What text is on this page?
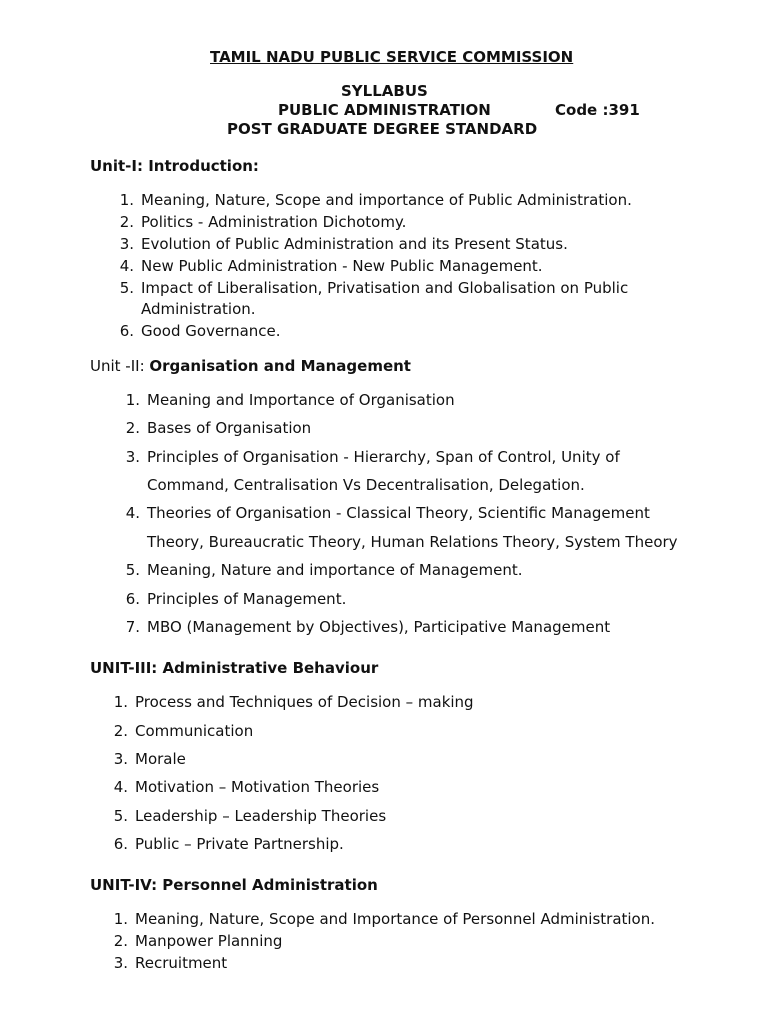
TAMIL NADU PUBLIC SERVICE COMMISSION
SYLLABUS
PUBLIC ADMINISTRATION	Code :391
POST GRADUATE DEGREE STANDARD
Unit-I: Introduction:
1. Meaning, Nature, Scope and importance of Public Administration.
2. Politics - Administration Dichotomy.
3. Evolution of Public Administration and its Present Status.
4. New Public Administration - New Public Management.
5. Impact of Liberalisation, Privatisation and Globalisation on Public
Administration.
6. Good Governance.
Unit -II: Organisation and Management
1. Meaning and Importance of Organisation
2. Bases of Organisation
3. Principles of Organisation - Hierarchy, Span of Control, Unity of
Command, Centralisation Vs Decentralisation, Delegation.
4. Theories of Organisation - Classical Theory, Scientific Management
Theory, Bureaucratic Theory, Human Relations Theory, System Theory
5. Meaning, Nature and importance of Management.
6. Principles of Management.
7. MBO (Management by Objectives), Participative Management
UNIT-III: Administrative Behaviour
1. Process and Techniques of Decision – making
2. Communication
3. Morale
4. Motivation – Motivation Theories
5. Leadership – Leadership Theories
6. Public – Private Partnership.
UNIT-IV: Personnel Administration
1. Meaning, Nature, Scope and Importance of Personnel Administration.
2. Manpower Planning
3. Recruitment
